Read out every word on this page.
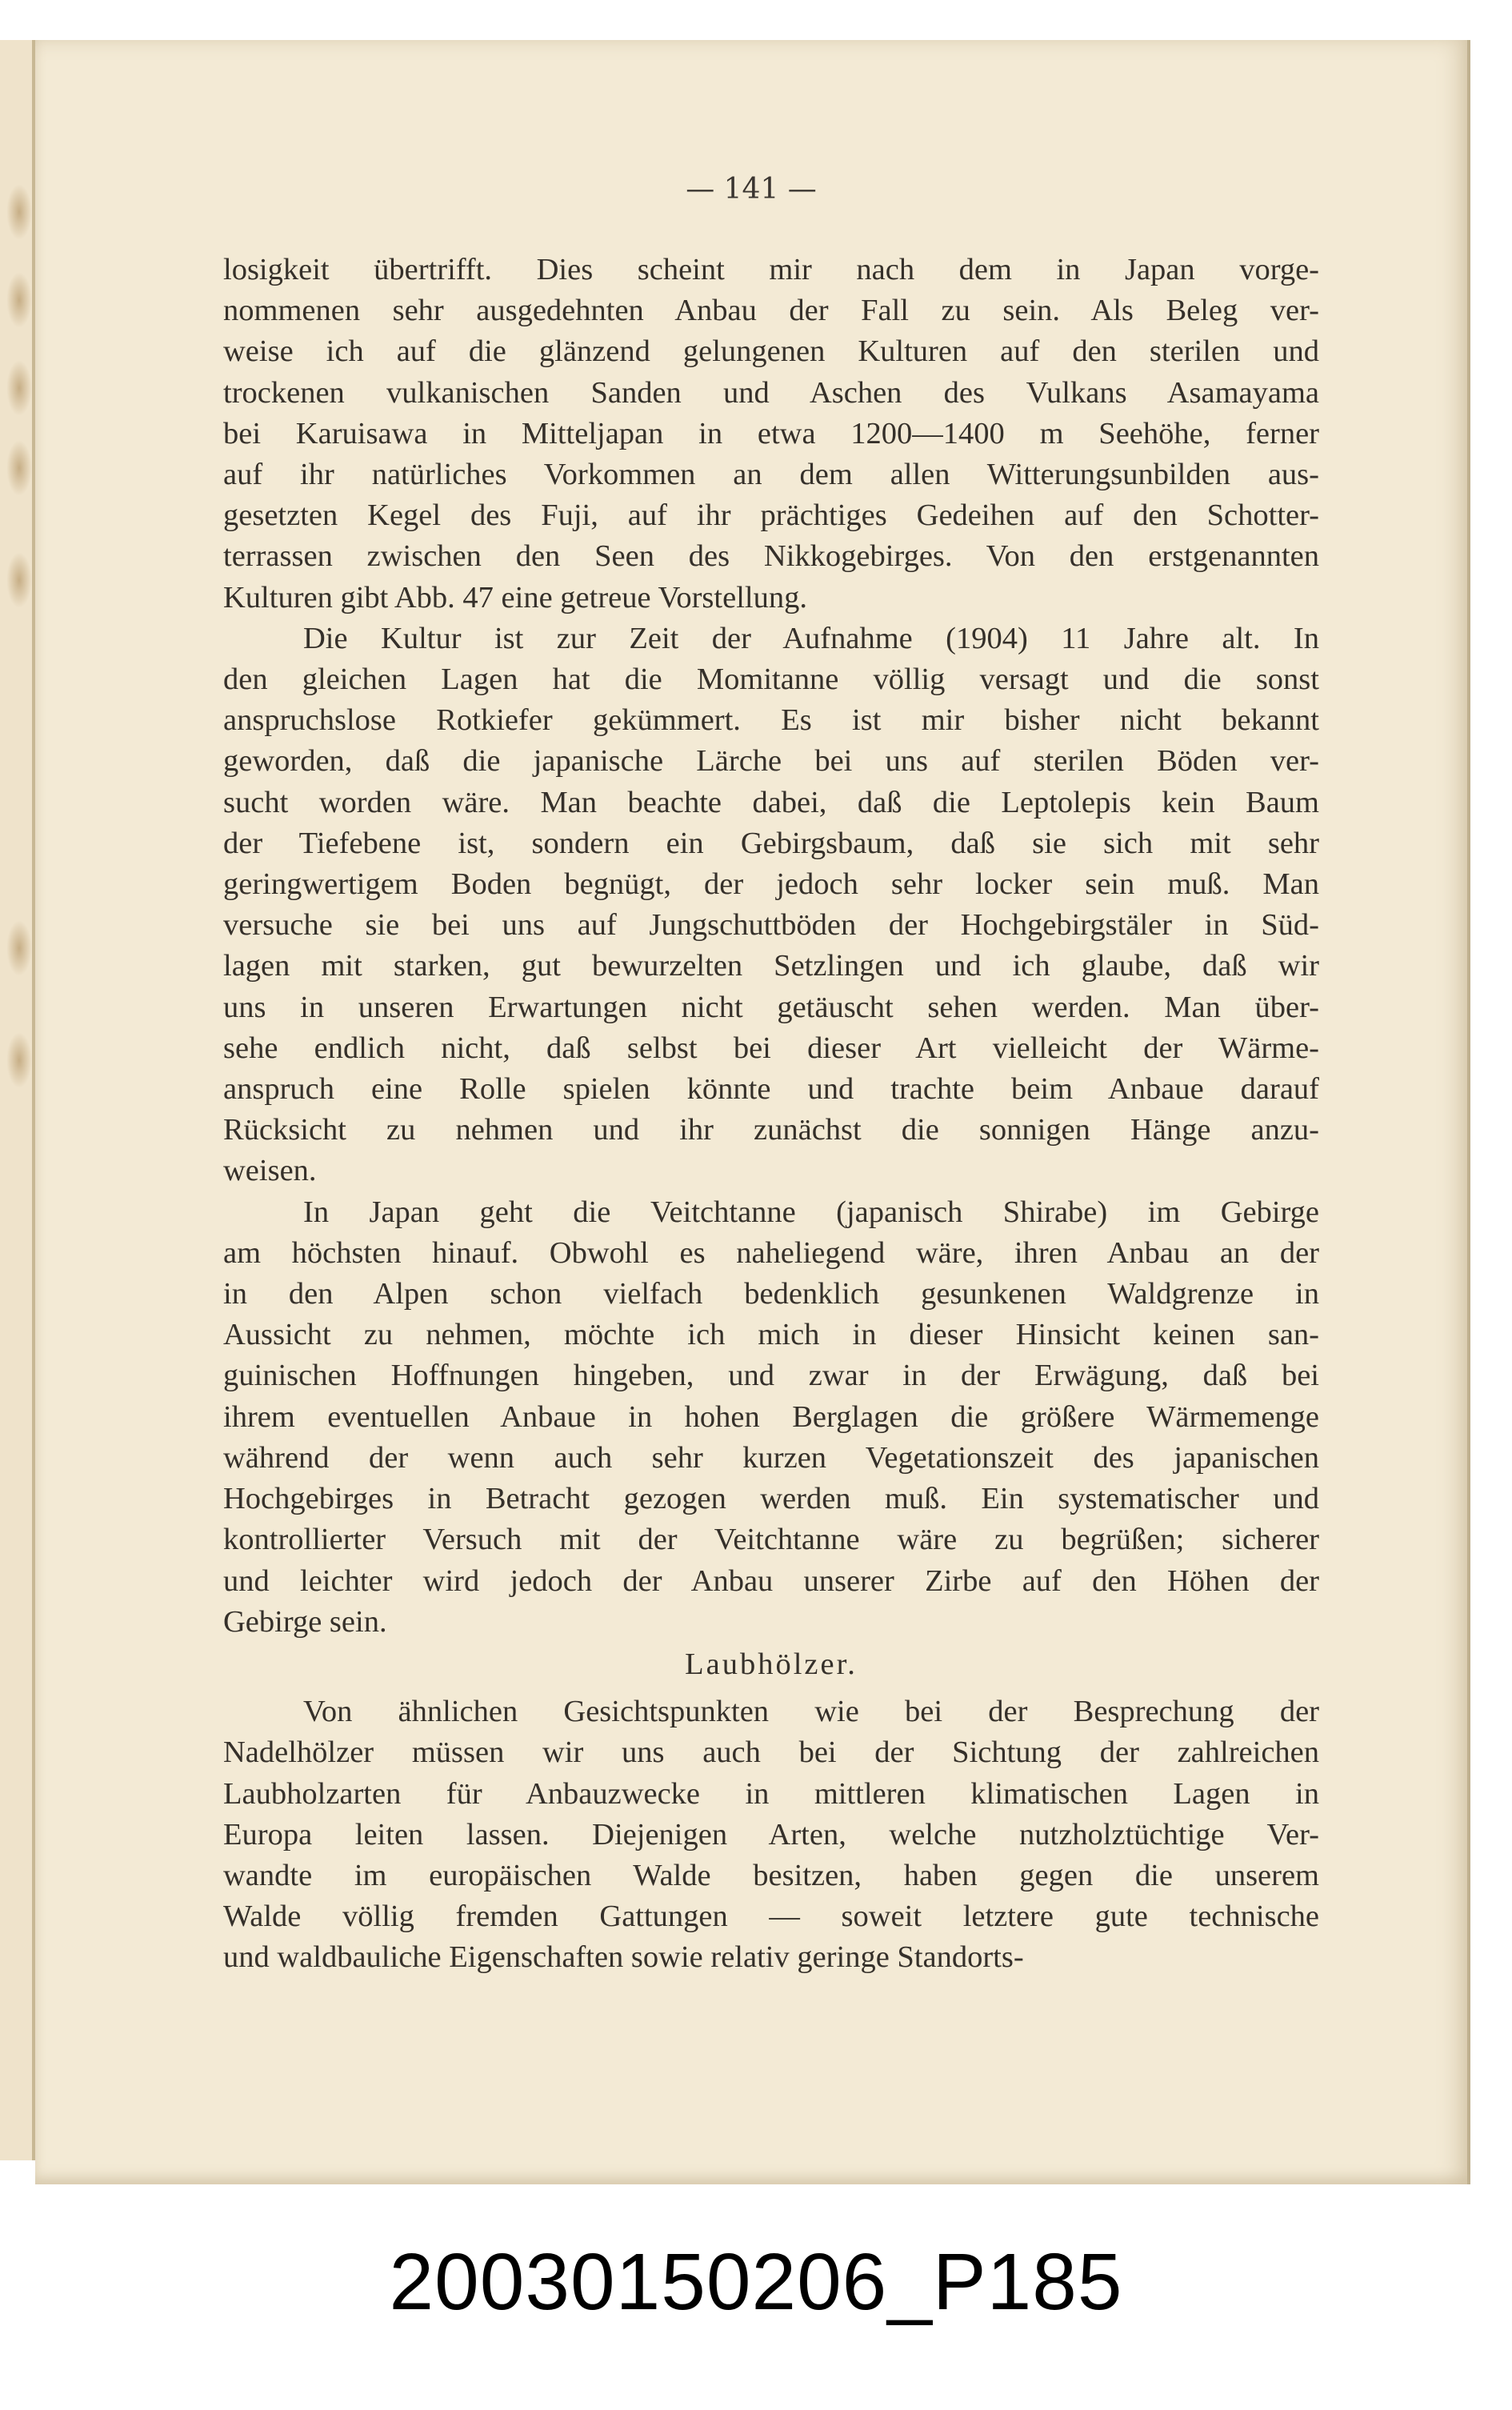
— 141 —
losigkeit übertrifft. Dies scheint mir nach dem in Japan vorge-
nommenen sehr ausgedehnten Anbau der Fall zu sein. Als Beleg ver-
weise ich auf die glänzend gelungenen Kulturen auf den sterilen und
trockenen vulkanischen Sanden und Aschen des Vulkans Asamayama
bei Karuisawa in Mitteljapan in etwa 1200—1400 m Seehöhe, ferner
auf ihr natürliches Vorkommen an dem allen Witterungsunbilden aus-
gesetzten Kegel des Fuji, auf ihr prächtiges Gedeihen auf den Schotter-
terrassen zwischen den Seen des Nikkogebirges. Von den erstgenannten
Kulturen gibt Abb. 47 eine getreue Vorstellung.
Die Kultur ist zur Zeit der Aufnahme (1904) 11 Jahre alt. In
den gleichen Lagen hat die Momitanne völlig versagt und die sonst
anspruchslose Rotkiefer gekümmert. Es ist mir bisher nicht bekannt
geworden, daß die japanische Lärche bei uns auf sterilen Böden ver-
sucht worden wäre. Man beachte dabei, daß die Leptolepis kein Baum
der Tiefebene ist, sondern ein Gebirgsbaum, daß sie sich mit sehr
geringwertigem Boden begnügt, der jedoch sehr locker sein muß. Man
versuche sie bei uns auf Jungschuttböden der Hochgebirgstäler in Süd-
lagen mit starken, gut bewurzelten Setzlingen und ich glaube, daß wir
uns in unseren Erwartungen nicht getäuscht sehen werden. Man über-
sehe endlich nicht, daß selbst bei dieser Art vielleicht der Wärme-
anspruch eine Rolle spielen könnte und trachte beim Anbaue darauf
Rücksicht zu nehmen und ihr zunächst die sonnigen Hänge anzu-
weisen.
In Japan geht die Veitchtanne (japanisch Shirabe) im Gebirge
am höchsten hinauf. Obwohl es naheliegend wäre, ihren Anbau an der
in den Alpen schon vielfach bedenklich gesunkenen Waldgrenze in
Aussicht zu nehmen, möchte ich mich in dieser Hinsicht keinen san-
guinischen Hoffnungen hingeben, und zwar in der Erwägung, daß bei
ihrem eventuellen Anbaue in hohen Berglagen die größere Wärmemenge
während der wenn auch sehr kurzen Vegetationszeit des japanischen
Hochgebirges in Betracht gezogen werden muß. Ein systematischer und
kontrollierter Versuch mit der Veitchtanne wäre zu begrüßen; sicherer
und leichter wird jedoch der Anbau unserer Zirbe auf den Höhen der
Gebirge sein.
Laubhölzer.
Von ähnlichen Gesichtspunkten wie bei der Besprechung der
Nadelhölzer müssen wir uns auch bei der Sichtung der zahlreichen
Laubholzarten für Anbauzwecke in mittleren klimatischen Lagen in
Europa leiten lassen. Diejenigen Arten, welche nutzholztüchtige Ver-
wandte im europäischen Walde besitzen, haben gegen die unserem
Walde völlig fremden Gattungen — soweit letztere gute technische
und waldbauliche Eigenschaften sowie relativ geringe Standorts-
20030150206_P185
